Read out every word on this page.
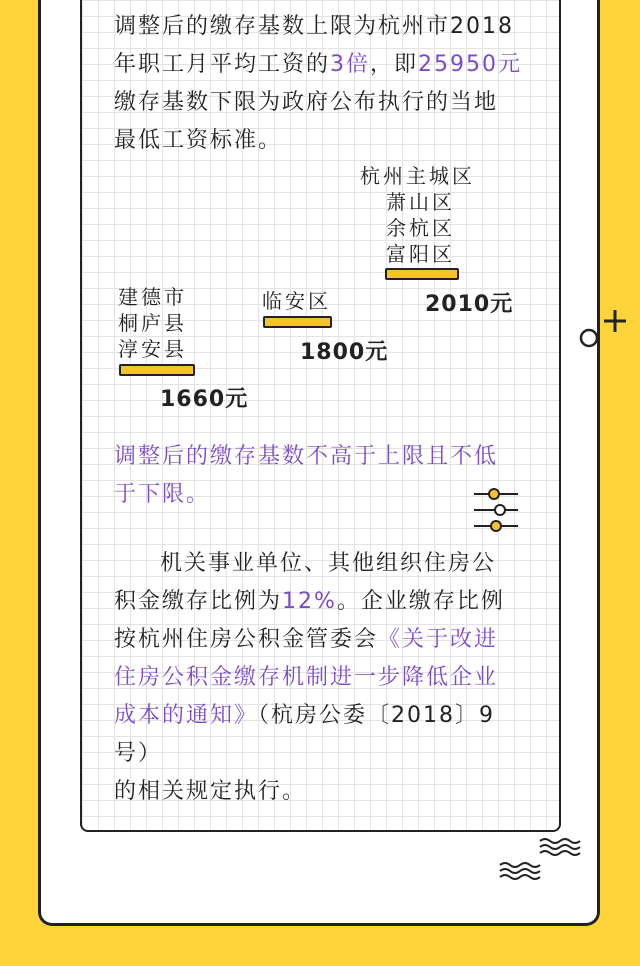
调整后的缴存基数上限为杭州市2018
年职工月平均工资的3倍，即25950元
缴存基数下限为政府公布执行的当地
最低工资标准。

杭州主城区
萧山区
余杭区
富阳区
2010元
临安区
1800元
建德市
桐庐县
淳安县
1660元

调整后的缴存基数不高于上限且不低
于下限。

机关事业单位、其他组织住房公
积金缴存比例为12%。企业缴存比例
按杭州住房公积金管委会《关于改进
住房公积金缴存机制进一步降低企业
成本的通知》（杭房公委〔2018〕9号）
的相关规定执行。
